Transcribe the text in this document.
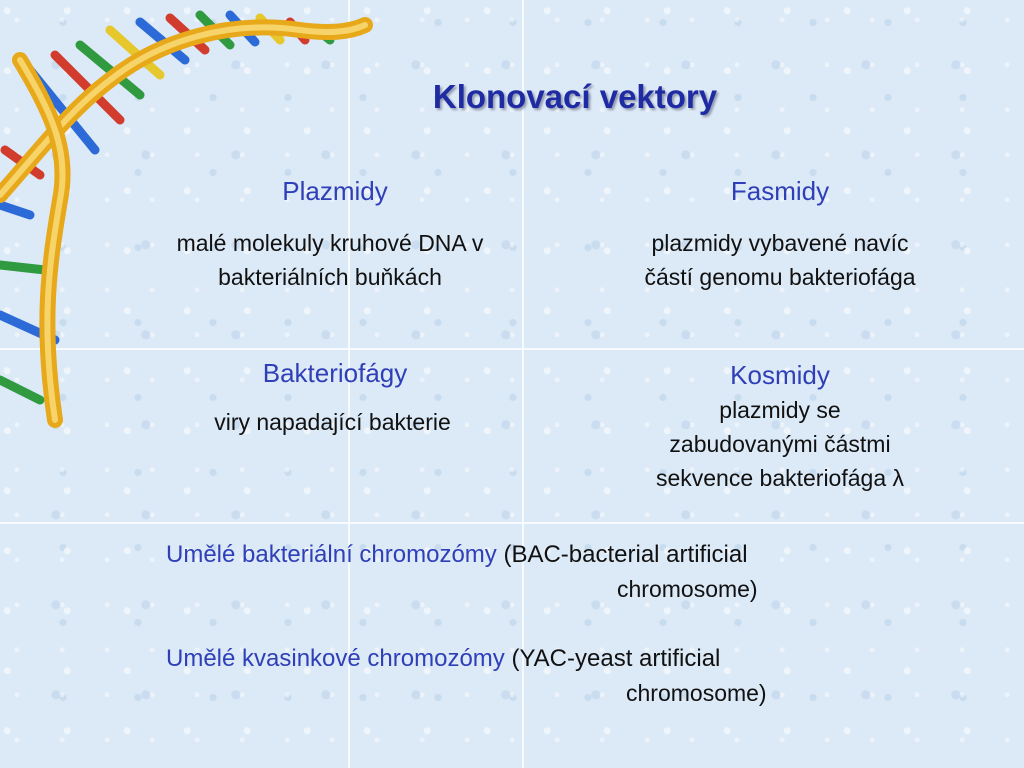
Klonovací vektory
Plazmidy
malé molekuly kruhové DNA v
bakteriálních buňkách
Fasmidy
plazmidy vybavené navíc
částí genomu bakteriofága
Bakteriofágy
viry napadající bakterie
Kosmidy
plazmidy se
zabudovanými částmi
sekvence bakteriofága λ
Umělé bakteriální chromozómy (BAC-bacterial artificial
chromosome)
Umělé kvasinkové chromozómy (YAC-yeast artificial
chromosome)
